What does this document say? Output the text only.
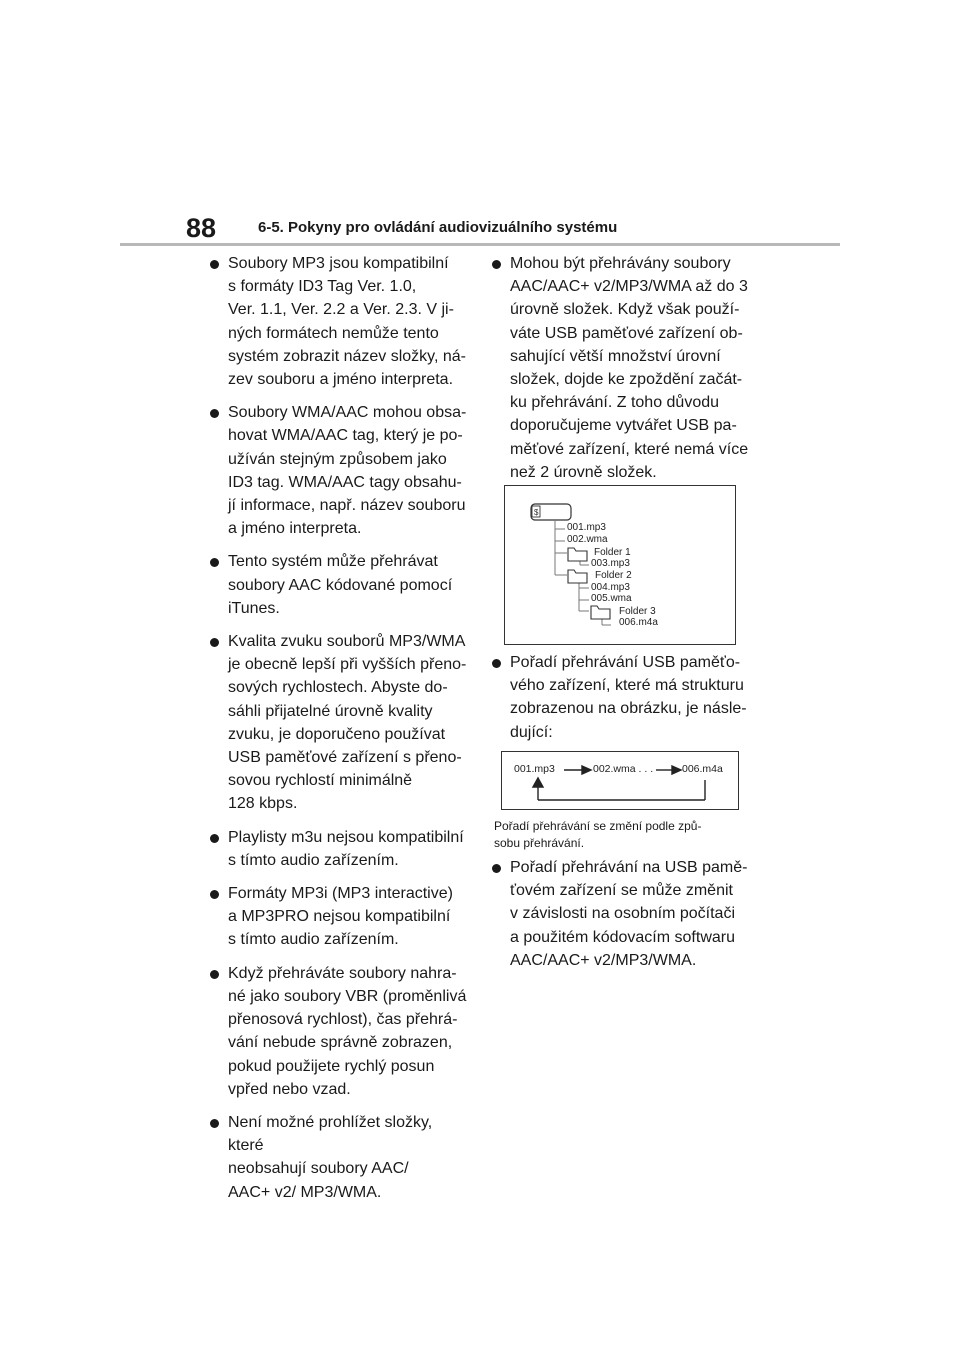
88	6-5. Pokyny pro ovládání audiovizuálního systému
Soubory MP3 jsou kompatibilní
s formáty ID3 Tag Ver. 1.0,
Ver. 1.1, Ver. 2.2 a Ver. 2.3. V ji-
ných formátech nemůže tento
systém zobrazit název složky, ná-
zev souboru a jméno interpreta.
Soubory WMA/AAC mohou obsa-
hovat WMA/AAC tag, který je po-
užíván stejným způsobem jako
ID3 tag. WMA/AAC tagy obsahu-
jí informace, např. název souboru
a jméno interpreta.
Tento systém může přehrávat
soubory AAC kódované pomocí
iTunes.
Kvalita zvuku souborů MP3/WMA
je obecně lepší při vyšších přeno-
sových rychlostech. Abyste do-
sáhli přijatelné úrovně kvality
zvuku, je doporučeno používat
USB paměťové zařízení s přeno-
sovou rychlostí minimálně
128 kbps.
Playlisty m3u nejsou kompatibilní
s tímto audio zařízením.
Formáty MP3i (MP3 interactive)
a MP3PRO nejsou kompatibilní
s tímto audio zařízením.
Když přehráváte soubory nahra-
né jako soubory VBR (proměnlivá
přenosová rychlost), čas přehrá-
vání nebude správně zobrazen,
pokud použijete rychlý posun
vpřed nebo vzad.
Není možné prohlížet složky, které
neobsahují soubory AAC/
AAC+ v2/ MP3/WMA.
Mohou být přehrávány soubory
AAC/AAC+ v2/MP3/WMA až do 3
úrovně složek. Když však použí-
váte USB paměťové zařízení ob-
sahující větší množství úrovní
složek, dojde ke zpoždění začát-
ku přehrávání. Z toho důvodu
doporučujeme vytvářet USB pa-
měťové zařízení, které nemá více
než 2 úrovně složek.
$
001.mp3
002.wma
Folder 1
003.mp3
Folder 2
004.mp3
005.wma
Folder 3
006.m4a
Pořadí přehrávání USB paměťo-
vého zařízení, které má strukturu
zobrazenou na obrázku, je násle-
dující:
001.mp3	002.wma . . .	006.m4a
Pořadí přehrávání se změní podle způ-
sobu přehrávání.
Pořadí přehrávání na USB pamě-
ťovém zařízení se může změnit
v závislosti na osobním počítači
a použitém kódovacím softwaru
AAC/AAC+ v2/MP3/WMA.
